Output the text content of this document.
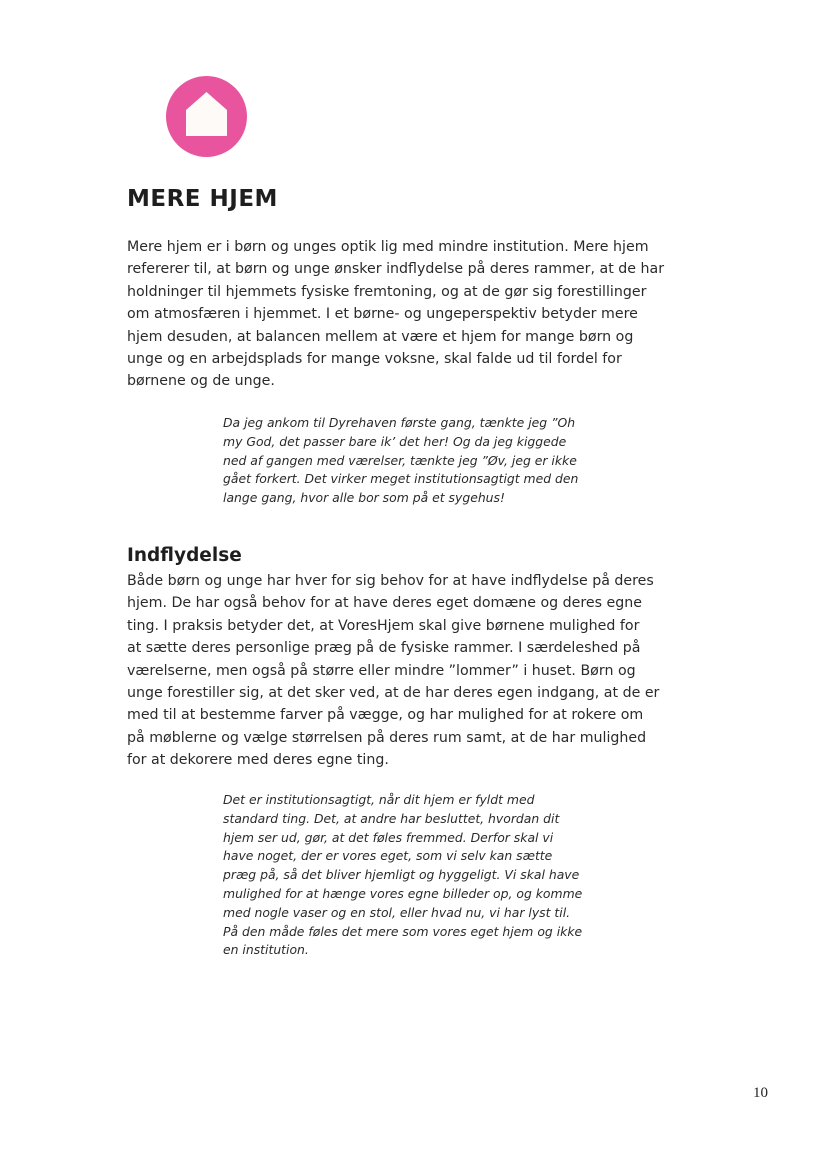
MERE HJEM

Mere hjem er i børn og unges optik lig med mindre institution. Mere hjem
refererer til, at børn og unge ønsker indflydelse på deres rammer, at de har
holdninger til hjemmets fysiske fremtoning, og at de gør sig forestillinger
om atmosfæren i hjemmet. I et børne- og ungeperspektiv betyder mere
hjem desuden, at balancen mellem at være et hjem for mange børn og
unge og en arbejdsplads for mange voksne, skal falde ud til fordel for
børnene og de unge.

Da jeg ankom til Dyrehaven første gang, tænkte jeg ”Oh
my God, det passer bare ik’ det her! Og da jeg kiggede
ned af gangen med værelser, tænkte jeg ”Øv, jeg er ikke
gået forkert. Det virker meget institutionsagtigt med den
lange gang, hvor alle bor som på et sygehus!

Indflydelse

Både børn og unge har hver for sig behov for at have indflydelse på deres
hjem. De har også behov for at have deres eget domæne og deres egne
ting. I praksis betyder det, at VoresHjem skal give børnene mulighed for
at sætte deres personlige præg på de fysiske rammer. I særdeleshed på
værelserne, men også på større eller mindre ”lommer” i huset. Børn og
unge forestiller sig, at det sker ved, at de har deres egen indgang, at de er
med til at bestemme farver på vægge, og har mulighed for at rokere om
på møblerne og vælge størrelsen på deres rum samt, at de har mulighed
for at dekorere med deres egne ting.

Det er institutionsagtigt, når dit hjem er fyldt med
standard ting. Det, at andre har besluttet, hvordan dit
hjem ser ud, gør, at det føles fremmed. Derfor skal vi
have noget, der er vores eget, som vi selv kan sætte
præg på, så det bliver hjemligt og hyggeligt. Vi skal have
mulighed for at hænge vores egne billeder op, og komme
med nogle vaser og en stol, eller hvad nu, vi har lyst til.
På den måde føles det mere som vores eget hjem og ikke
en institution.

10
